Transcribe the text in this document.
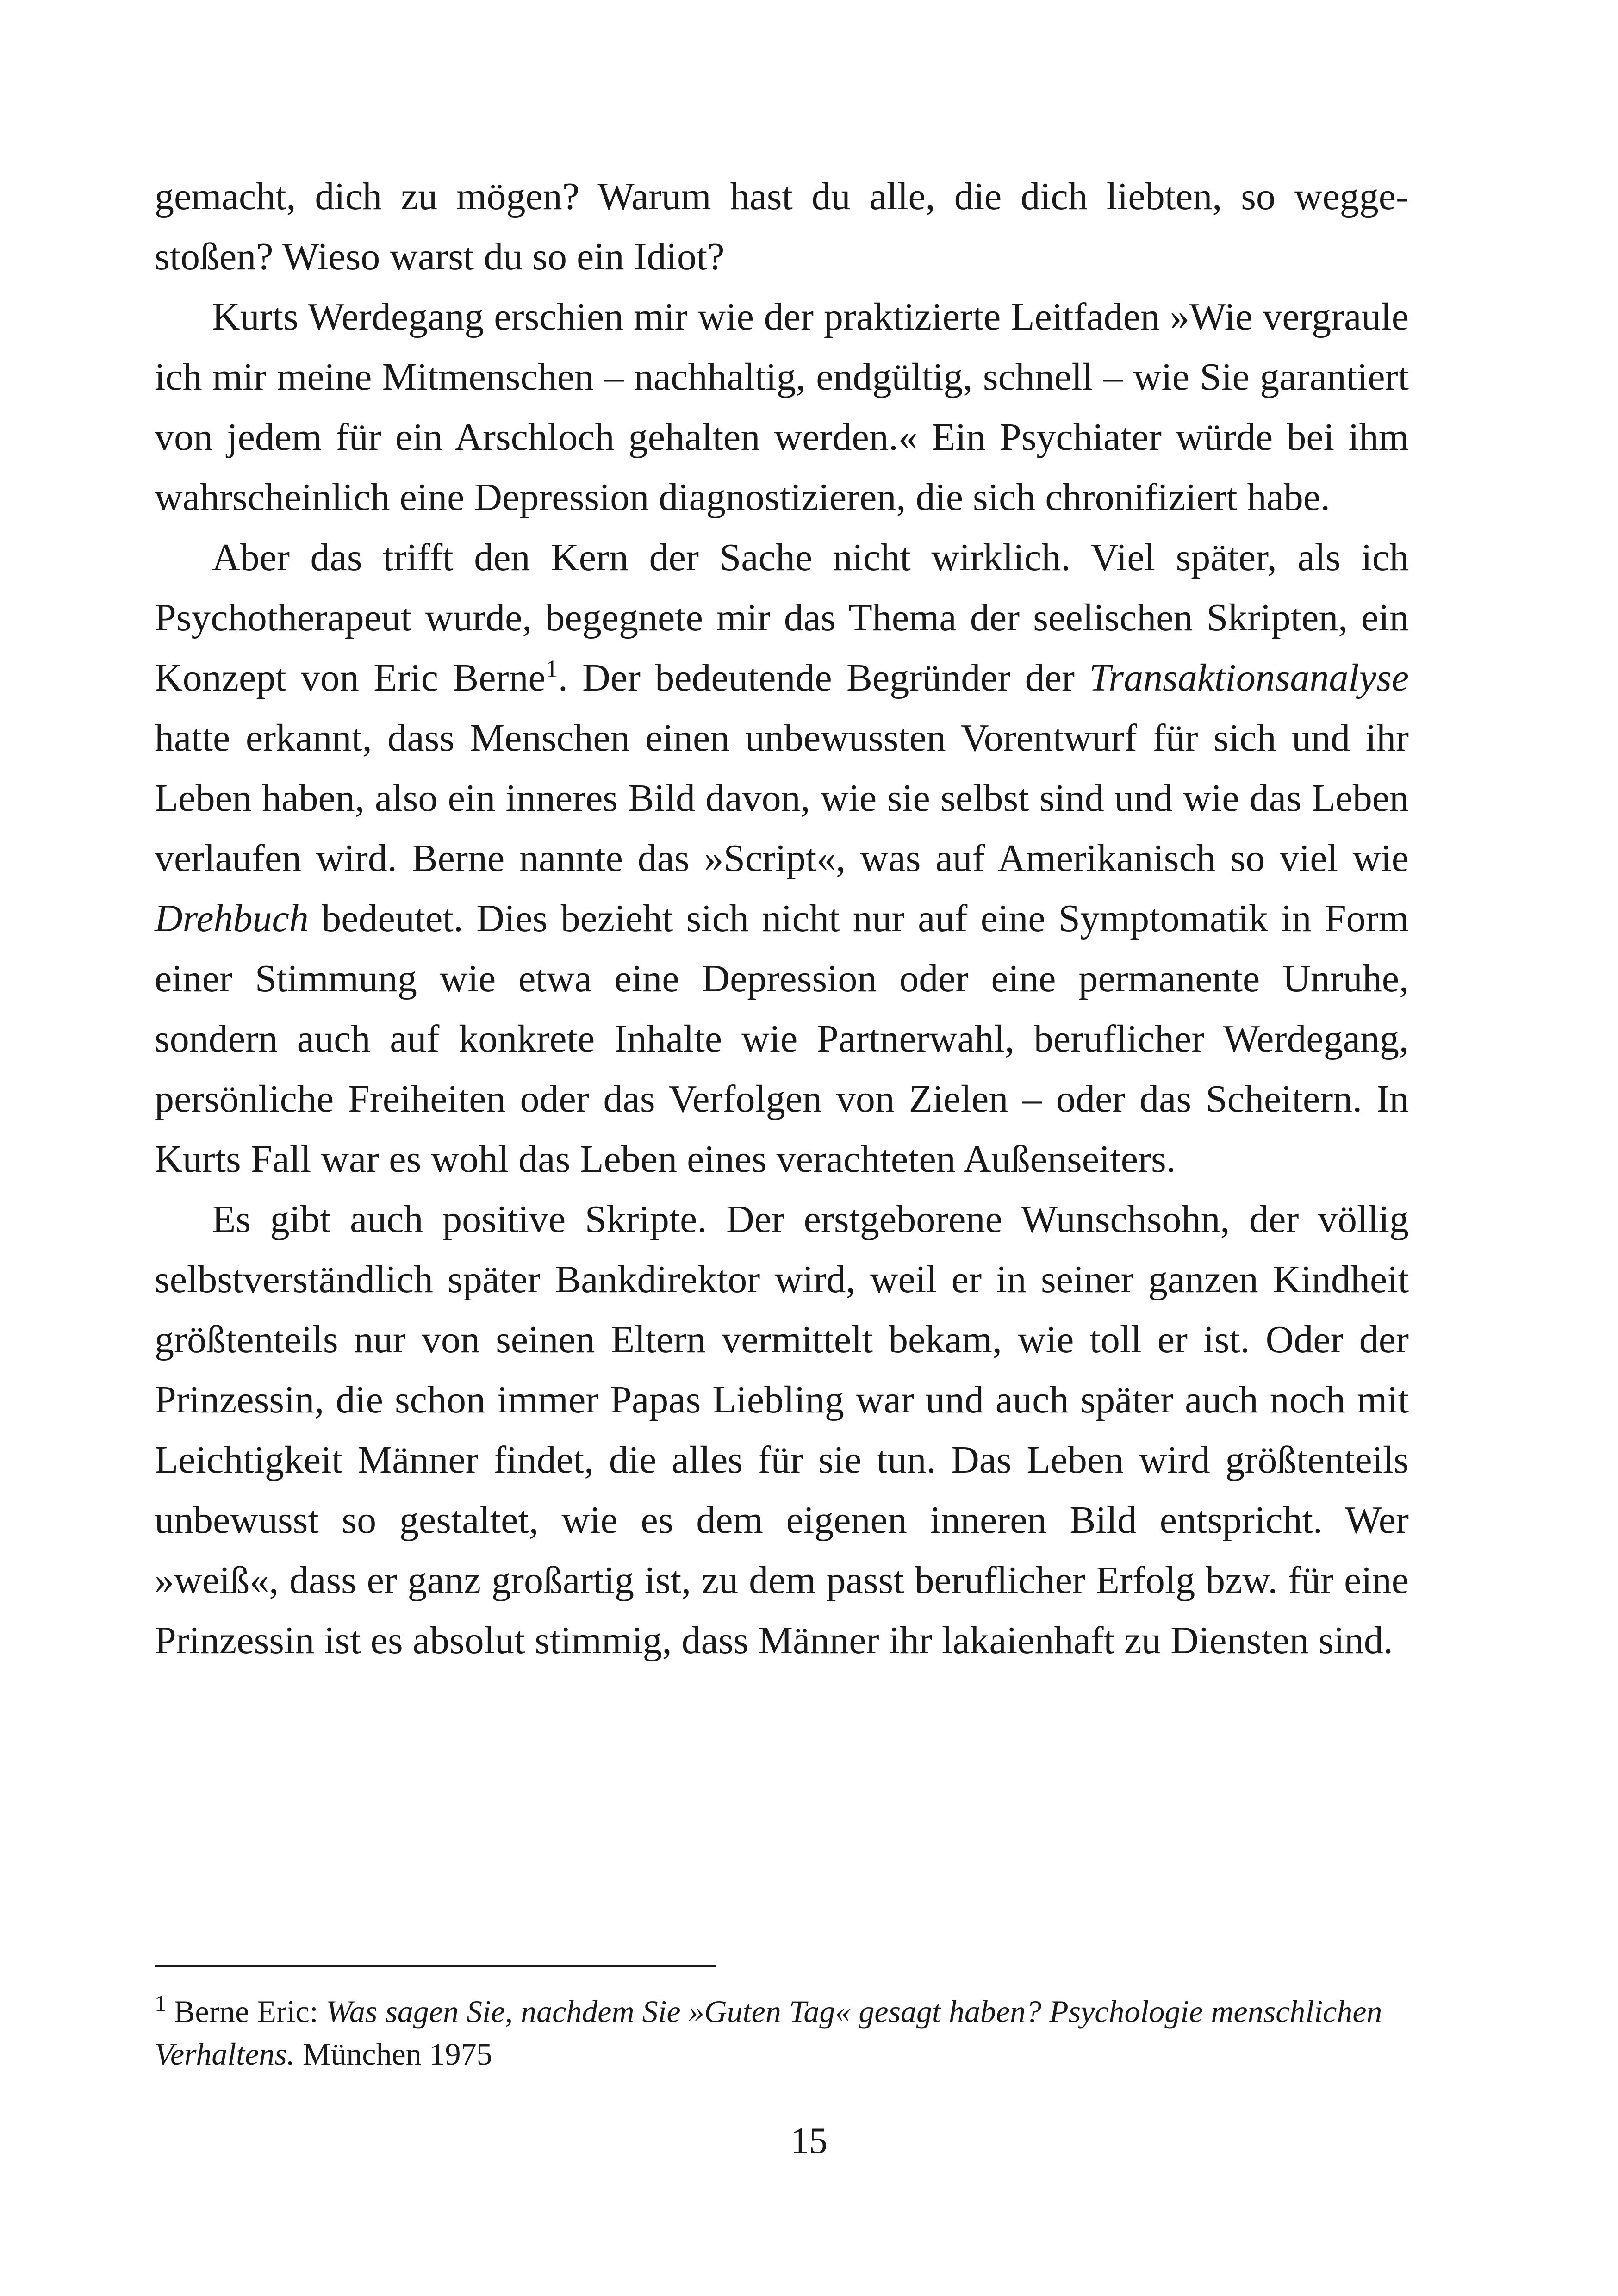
gemacht, dich zu mögen? Warum hast du alle, die dich liebten, so wegge-stoßen? Wieso warst du so ein Idiot?

Kurts Werdegang erschien mir wie der praktizierte Leitfaden »Wie vergraule ich mir meine Mitmenschen – nachhaltig, endgültig, schnell – wie Sie garantiert von jedem für ein Arschloch gehalten werden.« Ein Psychiater würde bei ihm wahrscheinlich eine Depression diagnostizieren, die sich chronifiziert habe.

Aber das trifft den Kern der Sache nicht wirklich. Viel später, als ich Psychotherapeut wurde, begegnete mir das Thema der seelischen Skripten, ein Konzept von Eric Berne$^1$. Der bedeutende Begründer der Transaktionsanalyse hatte erkannt, dass Menschen einen unbewussten Vorentwurf für sich und ihr Leben haben, also ein inneres Bild davon, wie sie selbst sind und wie das Leben verlaufen wird. Berne nannte das »Script«, was auf Amerikanisch so viel wie Drehbuch bedeutet. Dies bezieht sich nicht nur auf eine Symptomatik in Form einer Stimmung wie etwa eine Depression oder eine permanente Unruhe, sondern auch auf konkrete Inhalte wie Partnerwahl, beruflicher Werdegang, persönliche Freiheiten oder das Verfolgen von Zielen – oder das Scheitern. In Kurts Fall war es wohl das Leben eines verachteten Außenseiters.

Es gibt auch positive Skripte. Der erstgeborene Wunschsohn, der völlig selbstverständlich später Bankdirektor wird, weil er in seiner ganzen Kindheit größtenteils nur von seinen Eltern vermittelt bekam, wie toll er ist. Oder der Prinzessin, die schon immer Papas Liebling war und auch später auch noch mit Leichtigkeit Männer findet, die alles für sie tun. Das Leben wird größtenteils unbewusst so gestaltet, wie es dem eigenen inneren Bild entspricht. Wer »weiß«, dass er ganz großartig ist, zu dem passt beruflicher Erfolg bzw. für eine Prinzessin ist es absolut stimmig, dass Männer ihr lakaienhaft zu Diensten sind.

$^1$ Berne Eric: Was sagen Sie, nachdem Sie »Guten Tag« gesagt haben? Psychologie menschlichen Verhaltens. München 1975
15
